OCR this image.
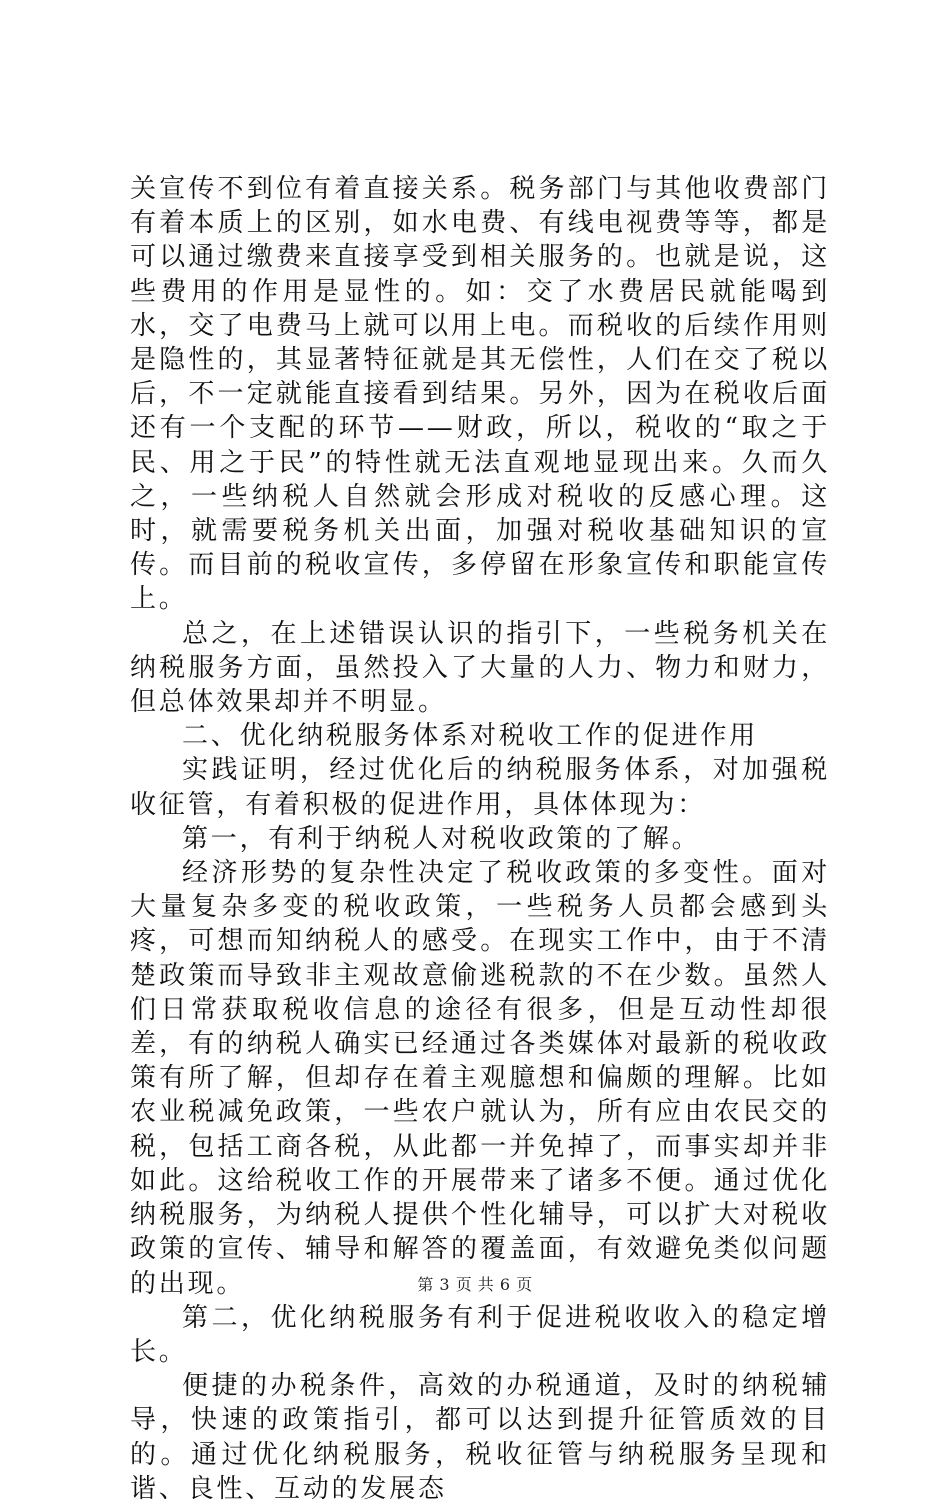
关宣传不到位有着直接关系。税务部门与其他收费部门有着本质上的区别，如水电费、有线电视费等等，都是可以通过缴费来直接享受到相关服务的。也就是说，这些费用的作用是显性的。如：交了水费居民就能喝到水，交了电费马上就可以用上电。而税收的后续作用则是隐性的，其显著特征就是其无偿性，人们在交了税以后，不一定就能直接看到结果。另外，因为在税收后面还有一个支配的环节——财政，所以，税收的“取之于民、用之于民”的特性就无法直观地显现出来。久而久之，一些纳税人自然就会形成对税收的反感心理。这时，就需要税务机关出面，加强对税收基础知识的宣传。而目前的税收宣传，多停留在形象宣传和职能宣传上。

总之，在上述错误认识的指引下，一些税务机关在纳税服务方面，虽然投入了大量的人力、物力和财力，但总体效果却并不明显。

二、优化纳税服务体系对税收工作的促进作用

实践证明，经过优化后的纳税服务体系，对加强税收征管，有着积极的促进作用，具体体现为：

第一，有利于纳税人对税收政策的了解。

经济形势的复杂性决定了税收政策的多变性。面对大量复杂多变的税收政策，一些税务人员都会感到头疼，可想而知纳税人的感受。在现实工作中，由于不清楚政策而导致非主观故意偷逃税款的不在少数。虽然人们日常获取税收信息的途径有很多，但是互动性却很差，有的纳税人确实已经通过各类媒体对最新的税收政策有所了解，但却存在着主观臆想和偏颇的理解。比如农业税减免政策，一些农户就认为，所有应由农民交的税，包括工商各税，从此都一并免掉了，而事实却并非如此。这给税收工作的开展带来了诸多不便。通过优化纳税服务，为纳税人提供个性化辅导，可以扩大对税收政策的宣传、辅导和解答的覆盖面，有效避免类似问题的出现。

第二，优化纳税服务有利于促进税收收入的稳定增长。

便捷的办税条件，高效的办税通道，及时的纳税辅导，快速的政策指引，都可以达到提升征管质效的目的。通过优化纳税服务，税收征管与纳税服务呈现和谐、良性、互动的发展态

第 3 页 共 6 页
